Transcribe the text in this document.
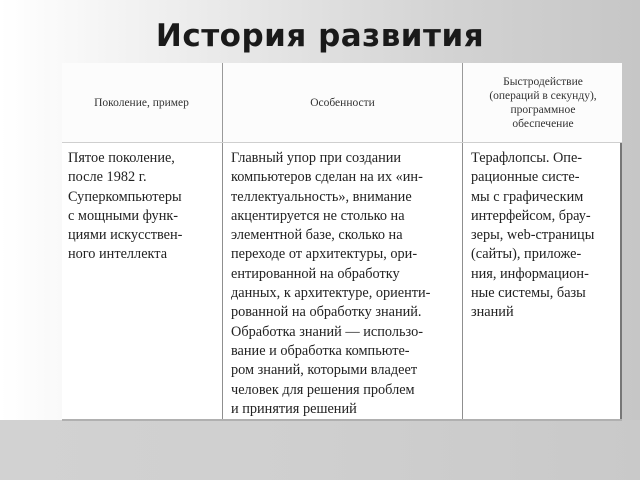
История развития
Поколение, пример	Особенности
Быстродействие
(операций в секунду),
программное
обеспечение
Пятое поколение,
после 1982 г.
Суперкомпьютеры
с мощными функ-
циями искусствен-
ного интеллекта
Главный упор при создании
компьютеров сделан на их «ин-
теллектуальность», внимание
акцентируется не столько на
элементной базе, сколько на
переходе от архитектуры, ори-
ентированной на обработку
данных, к архитектуре, ориенти-
рованной на обработку знаний.
Обработка знаний — использо-
вание и обработка компьюте-
ром знаний, которыми владеет
человек для решения проблем
и принятия решений
Терафлопсы. Опе-
рационные систе-
мы с графическим
интерфейсом, брау-
зеры, web-страницы
(сайты), приложе-
ния, информацион-
ные системы, базы
знаний
